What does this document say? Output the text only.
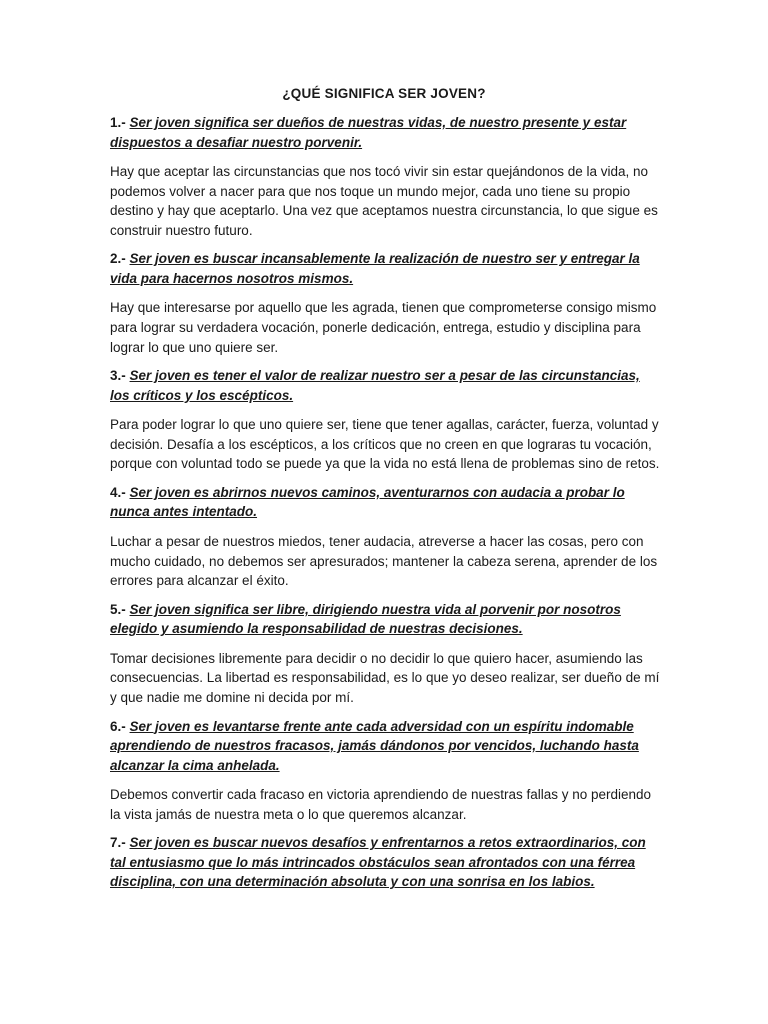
¿QUÉ SIGNIFICA SER JOVEN?

1.- Ser joven significa ser dueños de nuestras vidas, de nuestro presente y estar dispuestos a desafiar nuestro porvenir.

Hay que aceptar las circunstancias que nos tocó vivir sin estar quejándonos de la vida, no podemos volver a nacer para que nos toque un mundo mejor, cada uno tiene su propio destino y hay que aceptarlo. Una vez que aceptamos nuestra circunstancia, lo que sigue es construir nuestro futuro.

2.- Ser joven es buscar incansablemente la realización de nuestro ser y entregar la vida para hacernos nosotros mismos.

Hay que interesarse por aquello que les agrada, tienen que comprometerse consigo mismo para lograr su verdadera vocación, ponerle dedicación, entrega, estudio y disciplina para lograr lo que uno quiere ser.

3.- Ser joven es tener el valor de realizar nuestro ser a pesar de las circunstancias, los críticos y los escépticos.

Para poder lograr lo que uno quiere ser, tiene que tener agallas, carácter, fuerza, voluntad y decisión. Desafía a los escépticos, a los críticos que no creen en que lograras tu vocación, porque con voluntad todo se puede ya que la vida no está llena de problemas sino de retos.

4.- Ser joven es abrirnos nuevos caminos, aventurarnos con audacia a probar lo nunca antes intentado.

Luchar a pesar de nuestros miedos, tener audacia, atreverse a hacer las cosas, pero con mucho cuidado, no debemos ser apresurados; mantener la cabeza serena, aprender de los errores para alcanzar el éxito.

5.- Ser joven significa ser libre, dirigiendo nuestra vida al porvenir por nosotros elegido y asumiendo la responsabilidad de nuestras decisiones.

Tomar decisiones libremente para decidir o no decidir lo que quiero hacer, asumiendo las consecuencias. La libertad es responsabilidad, es lo que yo deseo realizar, ser dueño de mí y que nadie me domine ni decida por mí.

6.- Ser joven es levantarse frente ante cada adversidad con un espíritu indomable aprendiendo de nuestros fracasos, jamás dándonos por vencidos, luchando hasta alcanzar la cima anhelada.

Debemos convertir cada fracaso en victoria aprendiendo de nuestras fallas y no perdiendo la vista jamás de nuestra meta o lo que queremos alcanzar.

7.- Ser joven es buscar nuevos desafíos y enfrentarnos a retos extraordinarios, con tal entusiasmo que lo más intrincados obstáculos sean afrontados con una férrea disciplina, con una determinación absoluta y con una sonrisa en los labios.
